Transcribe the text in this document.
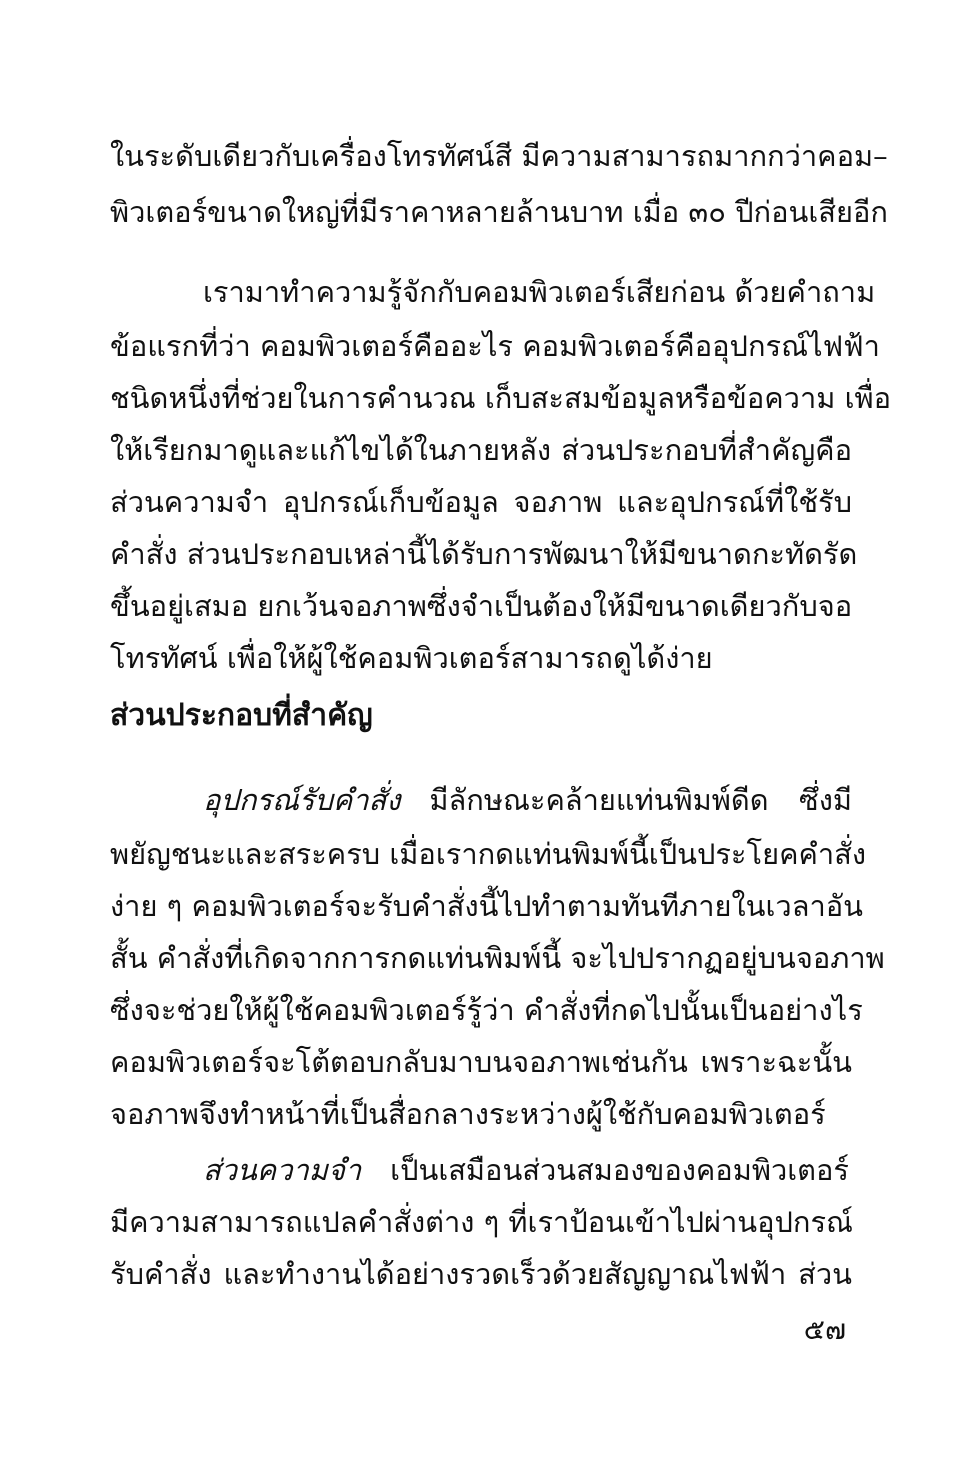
ในระดับเดียวกับเครื่องโทรทัศน์สี มีความสามารถมากกว่าคอม–
พิวเตอร์ขนาดใหญ่ที่มีราคาหลายล้านบาท เมื่อ ๓๐ ปีก่อนเสียอีก
เรามาทำความรู้จักกับคอมพิวเตอร์เสียก่อน ด้วยคำถาม
ข้อแรกที่ว่า คอมพิวเตอร์คืออะไร คอมพิวเตอร์คืออุปกรณ์ไฟฟ้า
ชนิดหนึ่งที่ช่วยในการคำนวณ เก็บสะสมข้อมูลหรือข้อความ เพื่อ
ให้เรียกมาดูและแก้ไขได้ในภายหลัง ส่วนประกอบที่สำคัญคือ
ส่วนความจำ อุปกรณ์เก็บข้อมูล จอภาพ และอุปกรณ์ที่ใช้รับ
คำสั่ง ส่วนประกอบเหล่านี้ได้รับการพัฒนาให้มีขนาดกะทัดรัด
ขึ้นอยู่เสมอ ยกเว้นจอภาพซึ่งจำเป็นต้องให้มีขนาดเดียวกับจอ
โทรทัศน์ เพื่อให้ผู้ใช้คอมพิวเตอร์สามารถดูได้ง่าย
ส่วนประกอบที่สำคัญ
อุปกรณ์รับคำสั่ง  มีลักษณะคล้ายแท่นพิมพ์ดีด ซึ่งมี
พยัญชนะและสระครบ เมื่อเรากดแท่นพิมพ์นี้เป็นประโยคคำสั่ง
ง่าย ๆ คอมพิวเตอร์จะรับคำสั่งนี้ไปทำตามทันทีภายในเวลาอัน
สั้น คำสั่งที่เกิดจากการกดแท่นพิมพ์นี้ จะไปปรากฏอยู่บนจอภาพ
ซึ่งจะช่วยให้ผู้ใช้คอมพิวเตอร์รู้ว่า คำสั่งที่กดไปนั้นเป็นอย่างไร
คอมพิวเตอร์จะโต้ตอบกลับมาบนจอภาพเช่นกัน เพราะฉะนั้น
จอภาพจึงทำหน้าที่เป็นสื่อกลางระหว่างผู้ใช้กับคอมพิวเตอร์
ส่วนความจำ  เป็นเสมือนส่วนสมองของคอมพิวเตอร์
มีความสามารถแปลคำสั่งต่าง ๆ ที่เราป้อนเข้าไปผ่านอุปกรณ์
รับคำสั่ง และทำงานได้อย่างรวดเร็วด้วยสัญญาณไฟฟ้า ส่วน
๕๗
